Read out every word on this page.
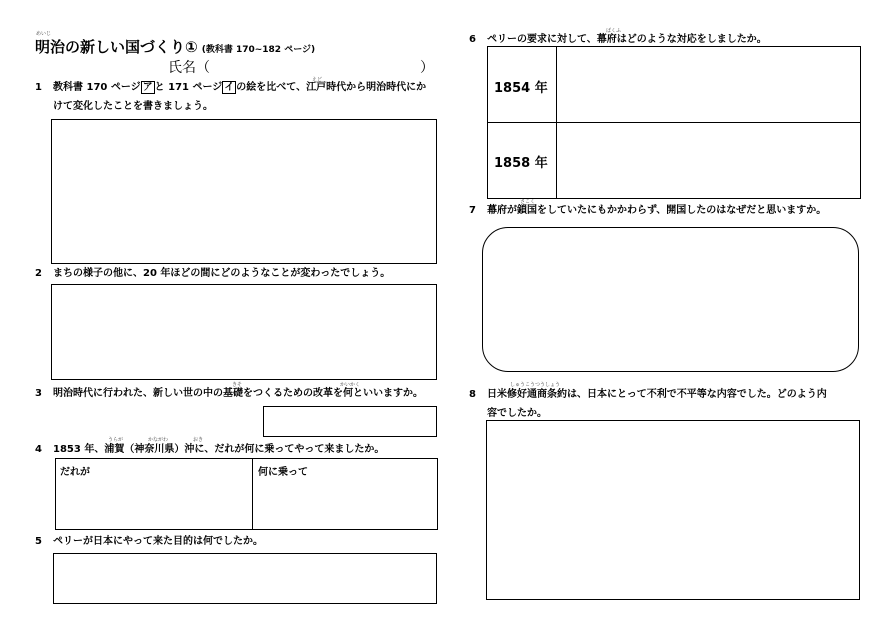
めいじ
明治の新しい国づくり① (教科書 170~182 ページ)
氏名（	）
1
えど
教科書 170 ページ ア と 171 ページ イ の絵を比べて、江戸時代から明治時代にか
けて変化したことを書きましょう。
2 まちの様子の他に、20 年ほどの間にどのようなことが変わったでしょう。
3
きそ	かいかく
明治時代に行われた、新しい世の中の基礎をつくるための改革を何といいますか。
4
うらが	かながわ	おき
1853 年、浦賀（神奈川県）沖に、だれが何に乗ってやって来ましたか。
だれが	何に乗って
5 ペリーが日本にやって来た目的は何でしたか。
6
ばくふ
ペリーの要求に対して、幕府はどのような対応をしましたか。
1854 年
1858 年
7
さこく
幕府が鎖国をしていたにもかかわらず、開国したのはなぜだと思いますか。
8
しゅうこうつうしょう
日米修好通商条約は、日本にとって不利で不平等な内容でした。どのよう内
容でしたか。
